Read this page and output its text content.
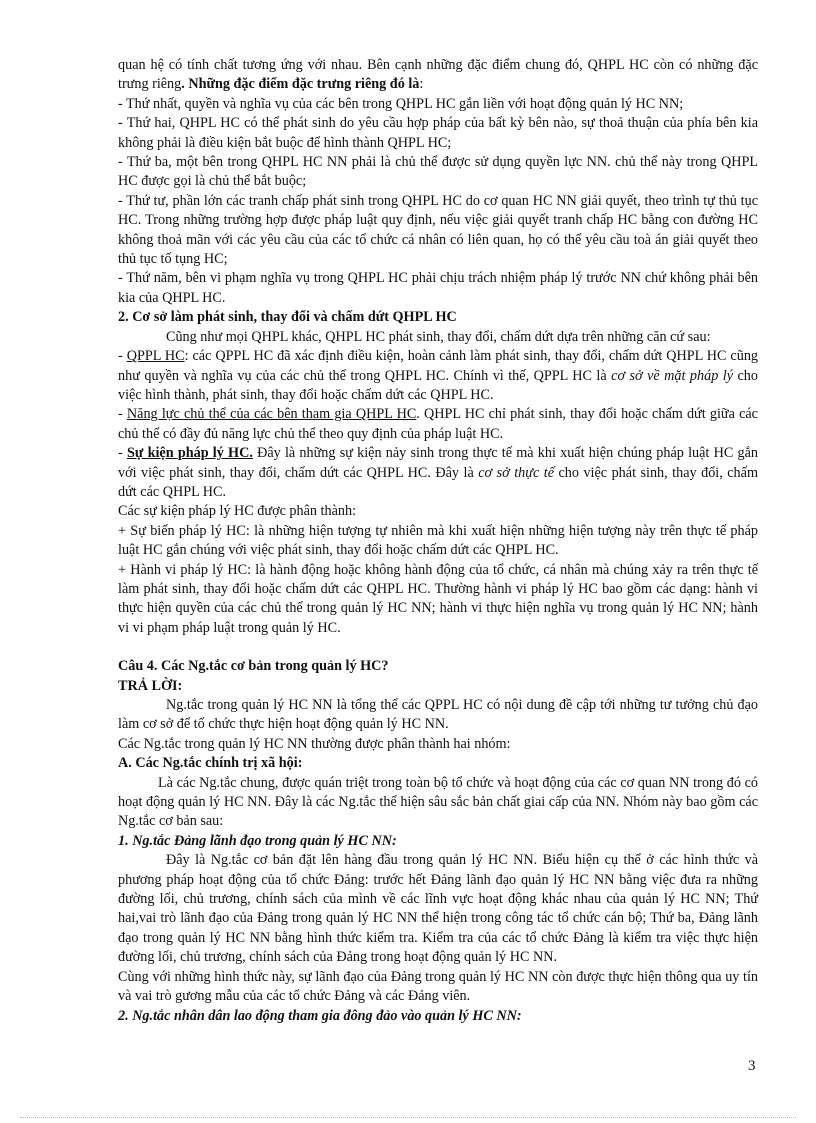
quan hệ có tính chất tương ứng với nhau. Bên cạnh những đặc điểm chung đó, QHPL HC còn có những đặc trưng riêng. Những đặc điểm đặc trưng riêng đó là:

- Thứ nhất, quyền và nghĩa vụ của các bên trong QHPL HC gắn liền với hoạt động quản lý HC NN;

- Thứ hai, QHPL HC có thể phát sinh do yêu cầu hợp pháp của bất kỳ bên nào, sự thoả thuận của phía bên kia không phải là điều kiện bắt buộc để hình thành QHPL HC;

- Thứ ba, một bên trong QHPL HC NN phải là chủ thể được sử dụng quyền lực NN. chủ thể này trong QHPL HC được gọi là chủ thể bắt buộc;

- Thứ tư, phần lớn các tranh chấp phát sinh trong QHPL HC do cơ quan HC NN giải quyết, theo trình tự thủ tục HC. Trong những trường hợp được pháp luật quy định, nếu việc giải quyết tranh chấp HC bằng con đường HC không thoả mãn với các yêu cầu của các tổ chức cá nhân có liên quan, họ có thể yêu cầu toà án giải quyết theo thủ tục tố tụng HC;

- Thứ năm, bên vi phạm nghĩa vụ trong QHPL HC phải chịu trách nhiệm pháp lý trước NN chứ không phải bên kia của QHPL HC.

2. Cơ sở làm phát sinh, thay đổi và chấm dứt QHPL HC

Cũng như mọi QHPL khác, QHPL HC phát sinh, thay đổi, chấm dứt dựa trên những căn cứ sau:

- QPPL HC: các QPPL HC đã xác định điều kiện, hoàn cảnh làm phát sinh, thay đổi, chấm dứt QHPL HC cũng như quyền và nghĩa vụ của các chủ thể trong QHPL HC. Chính vì thế, QPPL HC là cơ sở về mặt pháp lý cho việc hình thành, phát sinh, thay đổi hoặc chấm dứt các QHPL HC.

- Năng lực chủ thể của các bên tham gia QHPL HC. QHPL HC chỉ phát sinh, thay đổi hoặc chấm dứt giữa các chủ thể có đầy đủ năng lực chủ thể theo quy định của pháp luật HC.

- Sự kiện pháp lý HC. Đây là những sự kiện nảy sinh trong thực tế mà khi xuất hiện chúng pháp luật HC gắn với việc phát sinh, thay đổi, chấm dứt các QHPL HC. Đây là cơ sở thực tế cho việc phát sinh, thay đổi, chấm dứt các QHPL HC.

Các sự kiện pháp lý HC được phân thành:

+ Sự biến pháp lý HC: là những hiện tượng tự nhiên mà khi xuất hiện những hiện tượng này trên thực tế pháp luật HC gắn chúng với việc phát sinh, thay đổi hoặc chấm dứt các QHPL HC.

+ Hành vi pháp lý HC: là hành động hoặc không hành động của tổ chức, cá nhân mà chúng xảy ra trên thực tế làm phát sinh, thay đổi hoặc chấm dứt các QHPL HC. Thường hành vi pháp lý HC bao gồm các dạng: hành vi thực hiện quyền của các chủ thể trong quản lý HC NN; hành vi thực hiện nghĩa vụ trong quản lý HC NN; hành vi vi phạm pháp luật trong quản lý HC.

Câu 4. Các Ng.tắc cơ bản trong quản lý HC?

TRẢ LỜI:

Ng.tắc trong quản lý HC NN là tổng thể các QPPL HC có nội dung đề cập tới những tư tưởng chủ đạo làm cơ sở để tổ chức thực hiện hoạt động quản lý HC NN.

Các Ng.tắc trong quản lý HC NN thường được phân thành hai nhóm:

A. Các Ng.tắc chính trị xã hội:

Là các Ng.tắc chung, được quán triệt trong toàn bộ tổ chức và hoạt động của các cơ quan NN trong đó có hoạt động quản lý HC NN. Đây là các Ng.tắc thể hiện sâu sắc bản chất giai cấp của NN. Nhóm này bao gồm các Ng.tắc cơ bản sau:

1. Ng.tắc Đảng lãnh đạo trong quản lý HC NN:

Đây là Ng.tắc cơ bản đặt lên hàng đầu trong quản lý HC NN. Biểu hiện cụ thể ở các hình thức và phương pháp hoạt động của tổ chức Đảng: trước hết Đảng lãnh đạo quản lý HC NN bằng việc đưa ra những đường lối, chủ trương, chính sách của mình về các lĩnh vực hoạt động khác nhau của quản lý HC NN; Thứ hai,vai trò lãnh đạo của Đảng trong quản lý HC NN thể hiện trong công tác tổ chức cán bộ; Thứ ba, Đảng lãnh đạo trong quản lý HC NN bằng hình thức kiểm tra. Kiểm tra của các tổ chức Đảng là kiểm tra việc thực hiện đường lối, chủ trương, chính sách của Đảng trong hoạt động quản lý HC NN.

Cùng với những hình thức này, sự lãnh đạo của Đảng trong quản lý HC NN còn được thực hiện thông qua uy tín và vai trò gương mẫu của các tổ chức Đảng và các Đảng viên.

2. Ng.tắc nhân dân lao động tham gia đông đảo vào quản lý HC NN:

3
